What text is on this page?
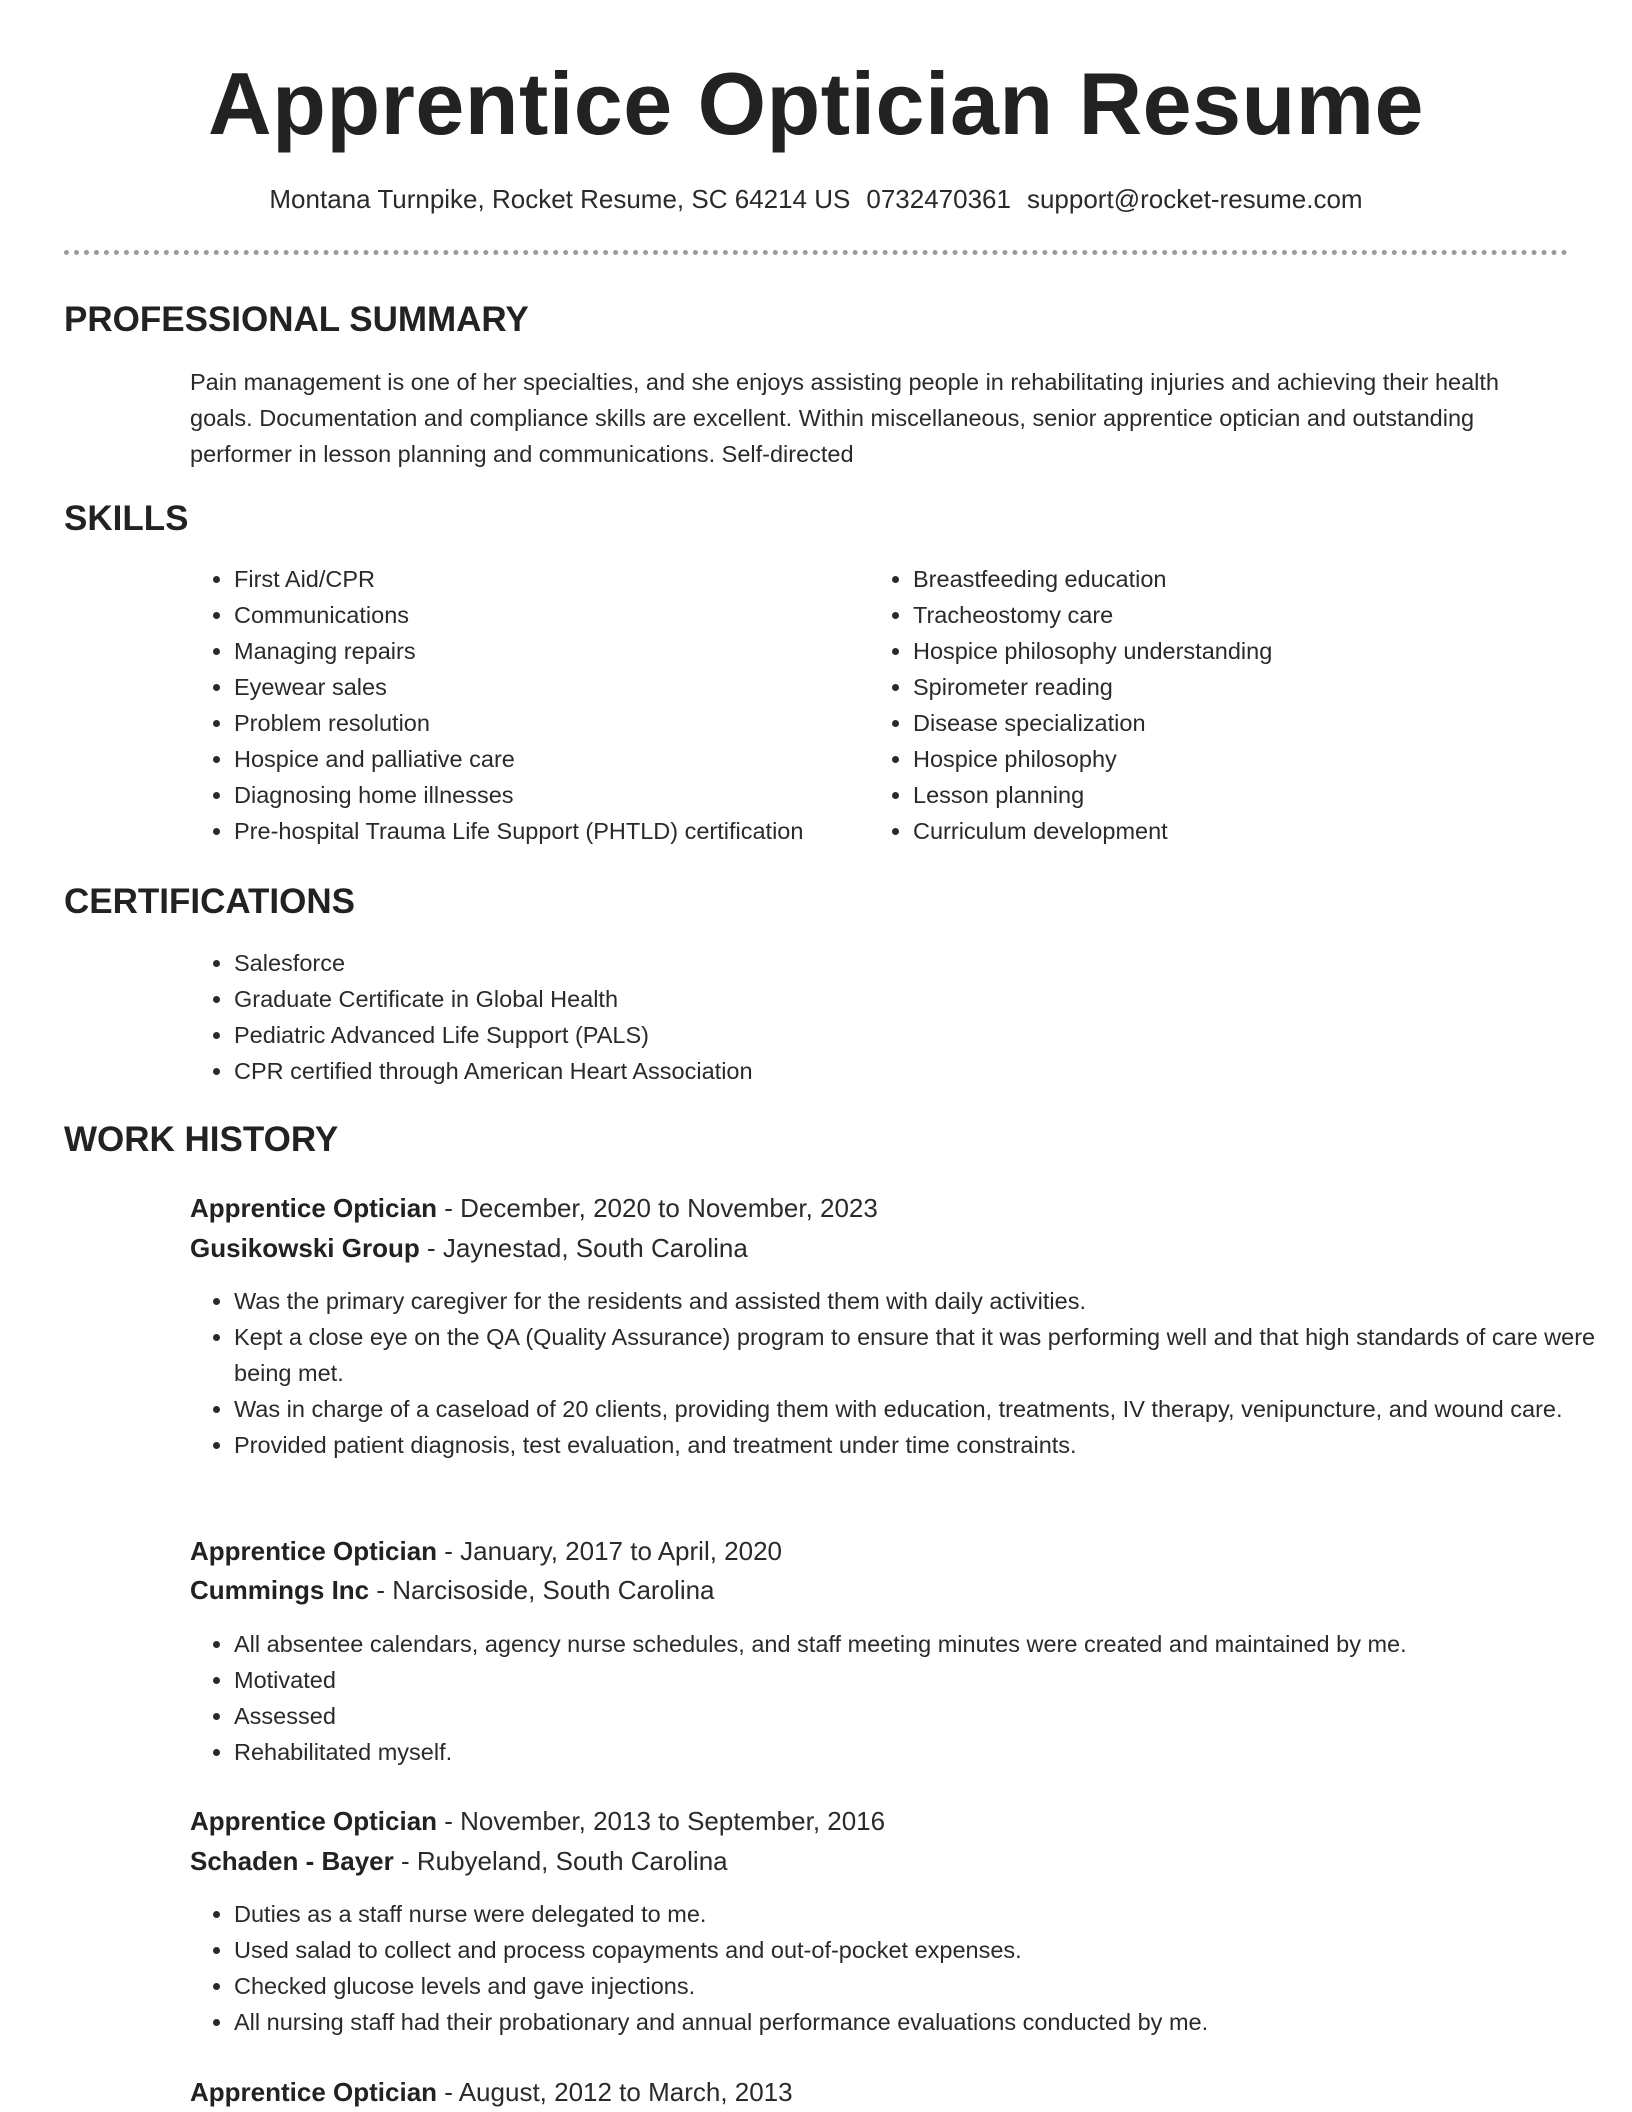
Apprentice Optician Resume
Montana Turnpike, Rocket Resume, SC 64214 US 0732470361 support@rocket-resume.com
PROFESSIONAL SUMMARY

Pain management is one of her specialties, and she enjoys assisting people in rehabilitating injuries and achieving their health goals. Documentation and compliance skills are excellent. Within miscellaneous, senior apprentice optician and outstanding performer in lesson planning and communications. Self-directed

SKILLS
• First Aid/CPR
• Communications
• Managing repairs
• Eyewear sales
• Problem resolution
• Hospice and palliative care
• Diagnosing home illnesses
• Pre-hospital Trauma Life Support (PHTLD) certification
• Breastfeeding education
• Tracheostomy care
• Hospice philosophy understanding
• Spirometer reading
• Disease specialization
• Hospice philosophy
• Lesson planning
• Curriculum development
CERTIFICATIONS
• Salesforce
• Graduate Certificate in Global Health
• Pediatric Advanced Life Support (PALS)
• CPR certified through American Heart Association
WORK HISTORY
Apprentice Optician - December, 2020 to November, 2023
Gusikowski Group - Jaynestad, South Carolina
• Was the primary caregiver for the residents and assisted them with daily activities.
• Kept a close eye on the QA (Quality Assurance) program to ensure that it was performing well and that high standards of care were being met.
• Was in charge of a caseload of 20 clients, providing them with education, treatments, IV therapy, venipuncture, and wound care.
• Provided patient diagnosis, test evaluation, and treatment under time constraints.
Apprentice Optician - January, 2017 to April, 2020
Cummings Inc - Narcisoside, South Carolina
• All absentee calendars, agency nurse schedules, and staff meeting minutes were created and maintained by me.
• Motivated
• Assessed
• Rehabilitated myself.
Apprentice Optician - November, 2013 to September, 2016
Schaden - Bayer - Rubyeland, South Carolina
• Duties as a staff nurse were delegated to me.
• Used salad to collect and process copayments and out-of-pocket expenses.
• Checked glucose levels and gave injections.
• All nursing staff had their probationary and annual performance evaluations conducted by me.
Apprentice Optician - August, 2012 to March, 2013
